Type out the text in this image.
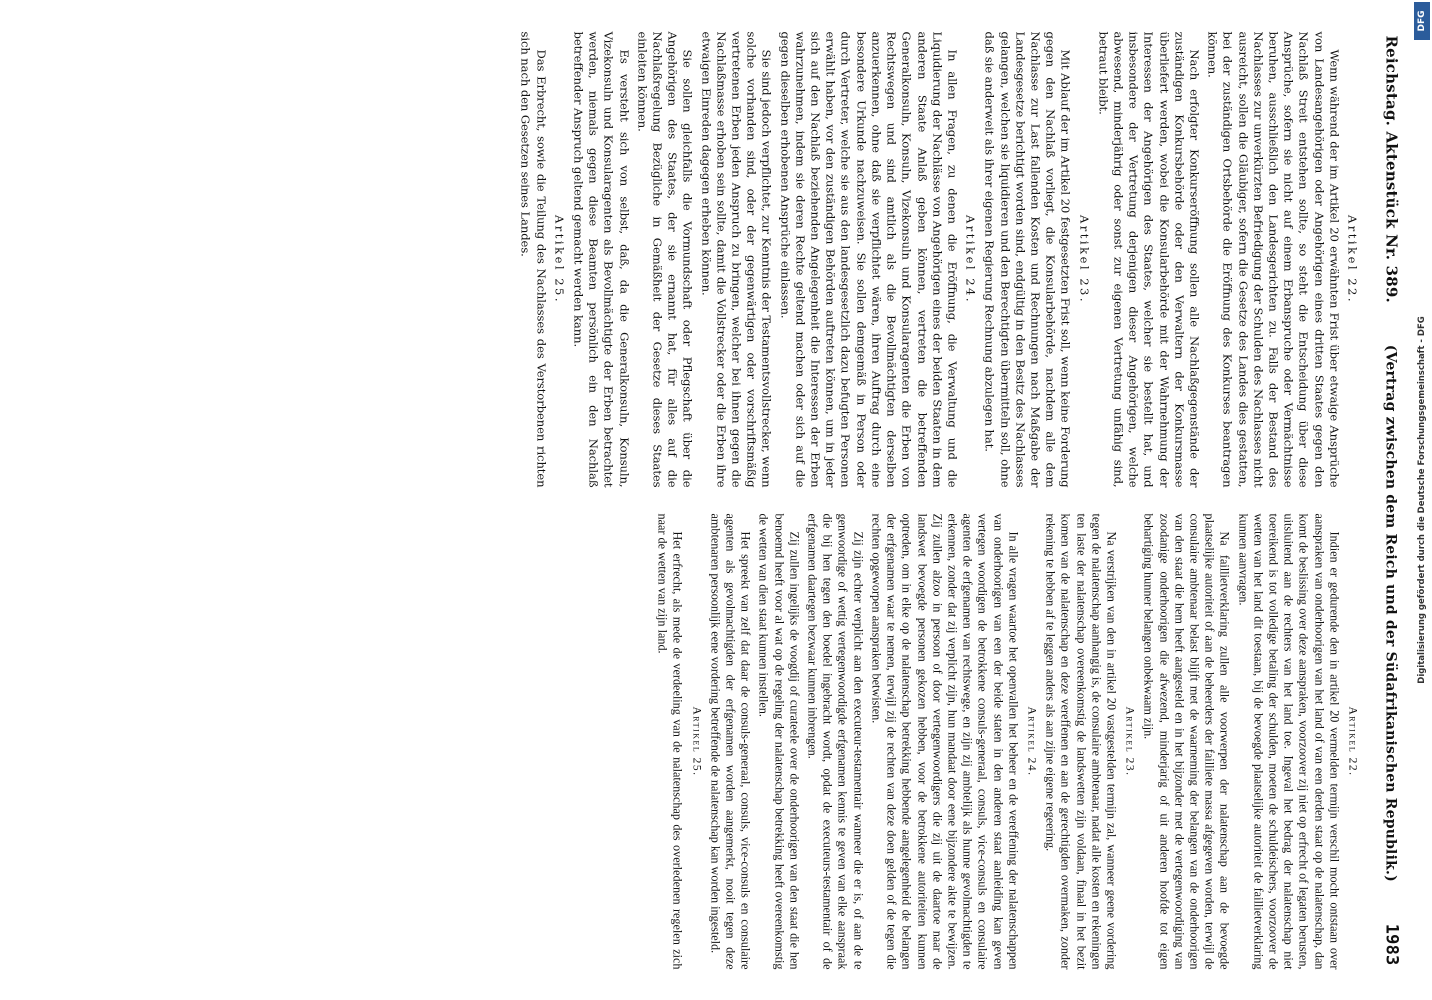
Reichstag. Aktenstück Nr. 389.
(Vertrag zwischen dem Reich und der Südafrikanischen Republik.)
1983
Artikel 22.

Wenn während der im Artikel 20 erwähnten Frist über etwaige Ansprüche von Landesangehörigen oder Angehörigen eines dritten Staates gegen den Nachlaß Streit entstehen sollte, so steht die Entscheidung über diese Ansprüche, sofern sie nicht auf einem Erbanspruche oder Vermächtnisse beruhen, ausschließlich den Landesgerichten zu. Falls der Bestand des Nachlasses zur unverkürzten Befriedigung der Schulden des Nachlasses nicht ausreicht, sollen die Gläubiger, sofern die Gesetze des Landes dies gestatten, bei der zuständigen Ortsbehörde die Eröffnung des Konkurses beantragen können.

Nach erfolgter Konkurseröffnung sollen alle Nachlaßgegenstände der zuständigen Konkursbehörde oder den Verwaltern der Konkursmasse überliefert werden, wobei die Konsularbehörde mit der Wahrnehmung der Interessen der Angehörigen des Staates, welcher sie bestellt hat, und insbesondere der Vertretung derjenigen dieser Angehörigen, welche abwesend, minderjährig oder sonst zur eigenen Vertretung unfähig sind, betraut bleibt.

Artikel 23.

Mit Ablauf der im Artikel 20 festgesetzten Frist soll, wenn keine Forderung gegen den Nachlaß vorliegt, die Konsularbehörde, nachdem alle dem Nachlasse zur Last fallenden Kosten und Rechnungen nach Maßgabe der Landesgesetze berichtigt worden sind, endgültig in den Besitz des Nachlasses gelangen, welchen sie liquidieren und den Berechtigten übermitteln soll, ohne daß sie anderweit als ihrer eigenen Regierung Rechnung abzulegen hat.

Artikel 24.

In allen Fragen, zu denen die Eröffnung, die Verwaltung und die Liquidierung der Nachlässe von Angehörigen eines der beiden Staaten in dem anderen Staate Anlaß geben können, vertreten die betreffenden Generalkonsuln, Konsuln, Vizekonsuln und Konsularagenten die Erben von Rechtswegen und sind amtlich als die Bevollmächtigten derselben anzuerkennen, ohne daß sie verpflichtet wären, ihren Auftrag durch eine besondere Urkunde nachzuweisen. Sie sollen demgemäß in Person oder durch Vertreter, welche sie aus den landesgesetzlich dazu befugten Personen erwählt haben, vor den zuständigen Behörden auftreten können, um in jeder sich auf den Nachlaß beziehenden Angelegenheit die Interessen der Erben wahrzunehmen, indem sie deren Rechte geltend machen oder sich auf die gegen dieselben erhobenen Ansprüche einlassen.

Sie sind jedoch verpflichtet, zur Kenntnis der Testamentsvollstrecker, wenn solche vorhanden sind, oder der gegenwärtigen oder vorschriftsmäßig vertretenen Erben jeden Anspruch zu bringen, welcher bei ihnen gegen die Nachlaßmasse erhoben sein sollte, damit die Vollstrecker oder die Erben ihre etwaigen Einreden dagegen erheben können.

Sie sollen gleichfalls die Vormundschaft oder Pflegschaft über die Angehörigen des Staates, der sie ernannt hat, für alles auf die Nachlaßregelung Bezügliche in Gemäßheit der Gesetze dieses Staates einleiten können.

Es versteht sich von selbst, daß, da die Generalkonsuln, Konsuln, Vizekonsuln und Konsularagenten als Bevollmächtigte der Erben betrachtet werden, niemals gegen diese Beamten persönlich ein den Nachlaß betreffender Anspruch geltend gemacht werden kann.

Artikel 25.

Das Erbrecht, sowie die Teilung des Nachlasses des Verstorbenen richten sich nach den Gesetzen seines Landes.

Artikel 22.

Indien er gedurende den in artikel 20 vermelden termijn verschil mocht ontstaan over aanspraken van onderhoorigen van het land of van een derden staat op de nalatenschap, dan komt de beslissing over deze aanspraken, voorzoover zij niet op erfrecht of legaten berusten, uitsluitend aan de rechters van het land toe. Ingeval het bedrag der nalatenschap niet toereikend is tot volledige betaling der schulden, moeten de schuldeischers, voorzoover de wetten van het land dit toestaan, bij de bevoegde plaatselijke autoriteit de faillietverklaring kunnen aanvragen.

Na faillietverklaring zullen alle voorwerpen der nalatenschap aan de bevoegde plaatselijke autoriteit of aan de beheerders der failliete massa afgegeven worden, terwijl de consulaire ambtenaar belast blijft met de waarneming der belangen van de onderhoorigen van den staat die hem heeft aangesteld en in het bijzonder met de vertegenwoordiging van zoodanige onderhoorigen die afwezend, minderjarig of uit anderen hoofde tot eigen behartiging hunner belangen onbekwaam zijn.

Artikel 23.

Na verstrijken van den in artikel 20 vastgestelden termijn zal, wanneer geene vordering tegen de nalatenschap aanhangig is, de consulaire ambtenaar, nadat alle kosten en rekeningen ten laste der nalatenschap overeenkomstig de landswetten zijn voldaan, finaal in het bezit komen van de nalatenschap en deze vereffenen en aan de gerechtigden overmaken, zonder rekening te hebben af te leggen anders als aan zijne eigene regeering.

Artikel 24.

In alle vragen waartoe het openvallen het beheer en de vereffening der nalatenschappen van onderhoorigen van een der beide staten in den anderen staat aanleiding kan geven vertegen woordigen de betrokkene consuls-generaal, consuls, vice-consuls en consulaire agenten de erfgenamen van rechtswege, en zijn zij ambtelijk als hunne gevolmachtigden te erkennen, zonder dat zij verplicht zijn, hun mandaat door eene bijzondere akte te bewijzen. Zij zullen alzoo in persoon of door vertegenwoordigers die zij uit de daartoe naar de landswet bevoegde personen gekozen hebben, voor de betrokkene autoriteiten kunnen optreden, om in elke op de nalatenschap betrekking hebbende aangelegenheid de belangen der erfgenamen waar te nemen, terwijl zij de rechten van deze doen gelden of de tegen die rechten opgeworpen aanspraken betwisten.

Zij zijn echter verplicht aan den executeur-testamentair wanneer die er is, of aan de te genwoordige of wettig vertegenwoordigde erfgenamen kennis te geven van elke aanspraak die bij hen tegen den boedel ingebracht wordt, opdat de executeurs-testamentair of de erfgenamen daartegen bezwaar kunnen inbrengen.

Zij zullen ingelijks de voogdij of curateele over de onderhoorigen van den staat die hen benoemd heeft voor al wat op de regeling der nalatenschap betrekking heeft overeenkomstig de wetten van dien staat kunnen instellen.

Het spreekt van zelf dat daar de consuls-generaal, consuls, vice-consuls en consulaire agenten als gevolmachtigden der erfgenamen worden aangemerkt, nooit tegen deze ambtenaren persoonlijk eene vordering betreffende de nalatenschap kan worden ingesteld.

Artikel 25.

Het erfrecht, als mede de verdeeling van de nalatenschap des overledenen regelen zich naar de wetten van zijn land.	Digitalisierung gefördert durch die Deutsche Forschungsgemeinschaft - DFG
DFG
